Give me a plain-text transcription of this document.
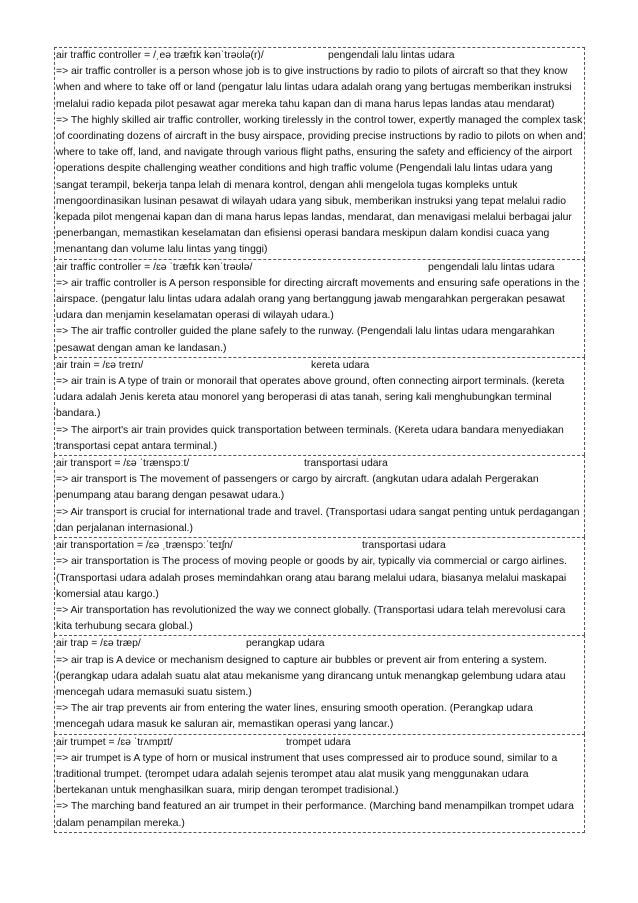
air traffic controller = /ˌeə træfɪk kənˈtrəʊlə(r)/	pengendali lalu lintas udara

=> air traffic controller is a person whose job is to give instructions by radio to pilots of aircraft so that they know when and where to take off or land (pengatur lalu lintas udara adalah orang yang bertugas memberikan instruksi melalui radio kepada pilot pesawat agar mereka tahu kapan dan di mana harus lepas landas atau mendarat)

=> The highly skilled air traffic controller, working tirelessly in the control tower, expertly managed the complex task of coordinating dozens of aircraft in the busy airspace, providing precise instructions by radio to pilots on when and where to take off, land, and navigate through various flight paths, ensuring the safety and efficiency of the airport operations despite challenging weather conditions and high traffic volume (Pengendali lalu lintas udara yang sangat terampil, bekerja tanpa lelah di menara kontrol, dengan ahli mengelola tugas kompleks untuk mengoordinasikan lusinan pesawat di wilayah udara yang sibuk, memberikan instruksi yang tepat melalui radio kepada pilot mengenai kapan dan di mana harus lepas landas, mendarat, dan menavigasi melalui berbagai jalur penerbangan, memastikan keselamatan dan efisiensi operasi bandara meskipun dalam kondisi cuaca yang menantang dan volume lalu lintas yang tinggi)

air traffic controller = /ɛə ˈtræfɪk kənˈtrəʊlə/	pengendali lalu lintas udara

=> air traffic controller is A person responsible for directing aircraft movements and ensuring safe operations in the airspace. (pengatur lalu lintas udara adalah orang yang bertanggung jawab mengarahkan pergerakan pesawat udara dan menjamin keselamatan operasi di wilayah udara.)

=> The air traffic controller guided the plane safely to the runway. (Pengendali lalu lintas udara mengarahkan pesawat dengan aman ke landasan.)

air train = /ɛə treɪn/	kereta udara

=> air train is A type of train or monorail that operates above ground, often connecting airport terminals. (kereta udara adalah Jenis kereta atau monorel yang beroperasi di atas tanah, sering kali menghubungkan terminal bandara.)

=> The airport's air train provides quick transportation between terminals. (Kereta udara bandara menyediakan transportasi cepat antara terminal.)

air transport = /ɛə ˈtrænspɔːt/	transportasi udara

=> air transport is The movement of passengers or cargo by aircraft. (angkutan udara adalah Pergerakan penumpang atau barang dengan pesawat udara.)

=> Air transport is crucial for international trade and travel. (Transportasi udara sangat penting untuk perdagangan dan perjalanan internasional.)

air transportation = /ɛə ˌtrænspɔːˈteɪʃn/	transportasi udara

=> air transportation is The process of moving people or goods by air, typically via commercial or cargo airlines. (Transportasi udara adalah proses memindahkan orang atau barang melalui udara, biasanya melalui maskapai komersial atau kargo.)

=> Air transportation has revolutionized the way we connect globally. (Transportasi udara telah merevolusi cara kita terhubung secara global.)

air trap = /ɛə træp/	perangkap udara

=> air trap is A device or mechanism designed to capture air bubbles or prevent air from entering a system. (perangkap udara adalah suatu alat atau mekanisme yang dirancang untuk menangkap gelembung udara atau mencegah udara memasuki suatu sistem.)

=> The air trap prevents air from entering the water lines, ensuring smooth operation. (Perangkap udara mencegah udara masuk ke saluran air, memastikan operasi yang lancar.)

air trumpet = /ɛə ˈtrʌmpɪt/	trompet udara

=> air trumpet is A type of horn or musical instrument that uses compressed air to produce sound, similar to a traditional trumpet. (terompet udara adalah sejenis terompet atau alat musik yang menggunakan udara bertekanan untuk menghasilkan suara, mirip dengan terompet tradisional.)

=> The marching band featured an air trumpet in their performance. (Marching band menampilkan trompet udara dalam penampilan mereka.)
